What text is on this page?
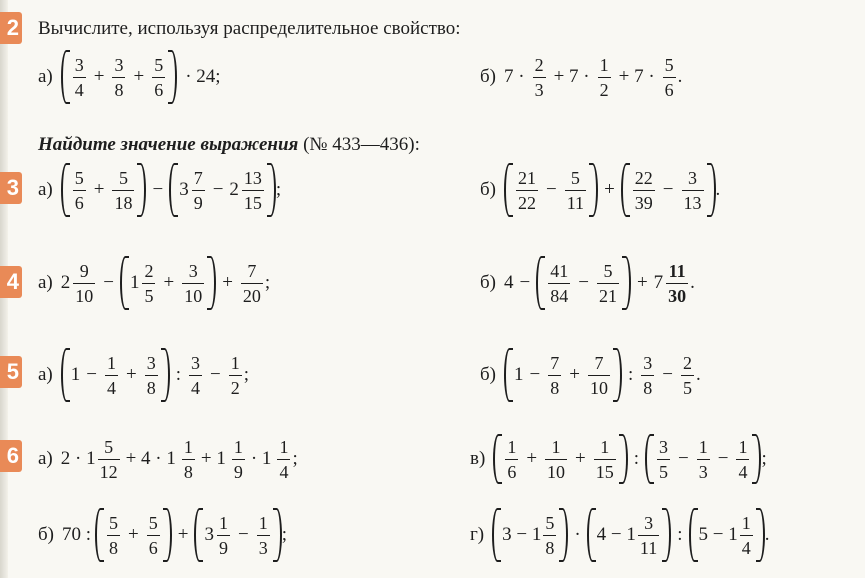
2
3
4
5
6
Вычислите, используя распределительное свойство:
$а) \frac{3}{4} + \frac{3}{8} + \frac{5}{6} \cdot 24$;	б) $7 \cdot \frac{2}{3} + 7 \cdot \frac{1}{2} + 7 \cdot \frac{5}{6}$ .
Найдите значение выражения (№ 433—436):
$а) \frac{5}{6} + \frac{5}{18} - 3 \frac{7}{9} - 2 \frac{13}{15}$ ;	$б) \frac{21}{22} - \frac{5}{11} + \frac{22}{39} - \frac{3}{13}$ .
а) $2 \frac{9}{10} - 1 \frac{2}{5} + \frac{3}{10} + \frac{7}{20}$ ;	б) $4 - \frac{41}{84} - \frac{5}{21} + 7 \frac{11}{30}$ .
а) $1 - \frac{1}{4} + \frac{3}{8}$ : $\frac{3}{4} - \frac{1}{2}$ ;	б) $1 - \frac{7}{8} + \frac{7}{10}$ : $\frac{3}{8} - \frac{2}{5}$ .
а) $2 \cdot 1 \frac{5}{12} + 4 \cdot 1 \frac{1}{8} + 1 \frac{1}{9} \cdot 1 \frac{1}{4}$ ;	$в) \frac{1}{6} + \frac{1}{10} + \frac{1}{15}$ : $\frac{3}{5} - \frac{1}{3} - \frac{1}{4}$ ;
б) 70 : $\frac{5}{8} + \frac{5}{6} + 3 \frac{1}{9} - \frac{1}{3}$ ;	г) $3 - 1 \frac{5}{8} \cdot 4 - 1 \frac{3}{11}$ : $5 - 1 \frac{1}{4}$ .
